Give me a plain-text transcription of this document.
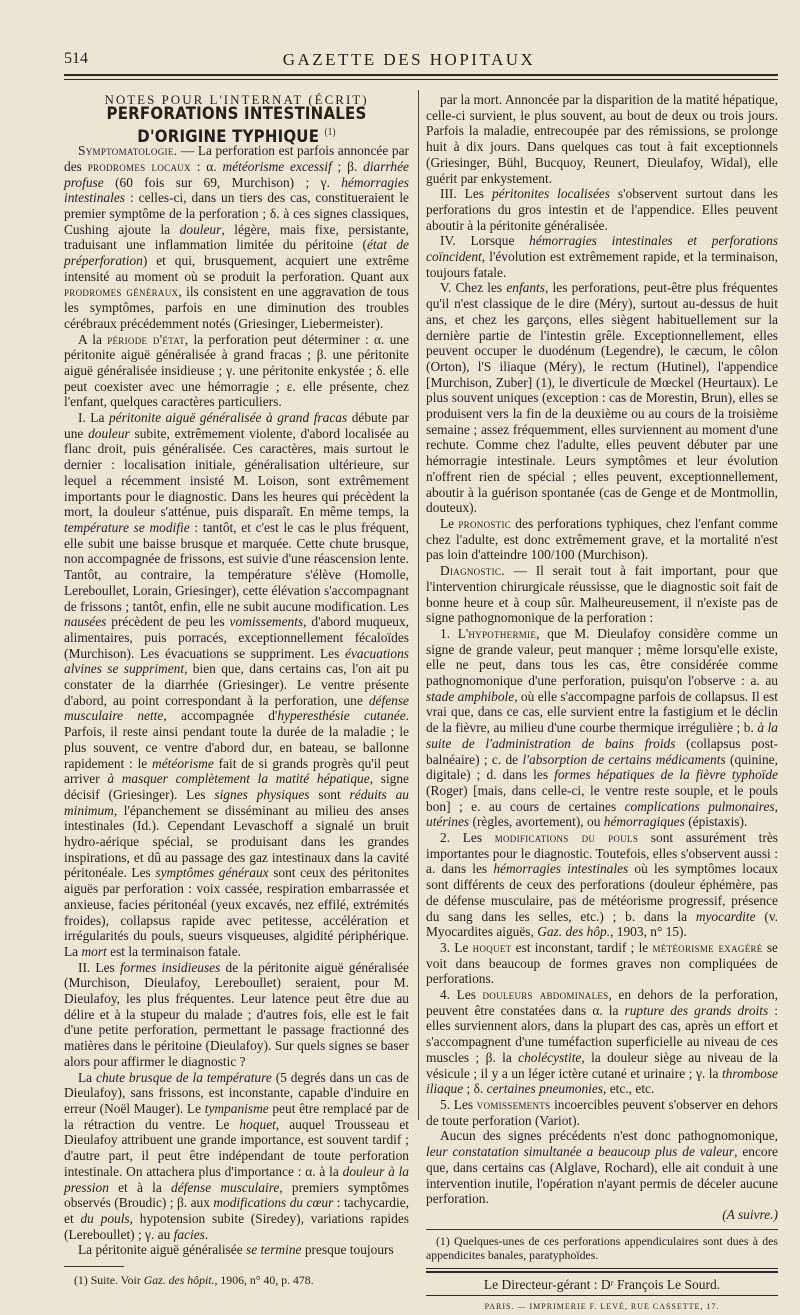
514	GAZETTE DES HOPITAUX

NOTES POUR L'INTERNAT (ÉCRIT)

PERFORATIONS INTESTINALES D'ORIGINE TYPHIQUE $^{(1)}$

Symptomatologie. — La perforation est parfois annoncée par des prodromes locaux : α. météorisme excessif ; β. diarrhée profuse (60 fois sur 69, Murchison) ; γ. hémorragies intestinales : celles-ci, dans un tiers des cas, constitueraient le premier symptôme de la perforation ; δ. à ces signes classiques, Cushing ajoute la douleur, légère, mais fixe, persistante, traduisant une inflammation limitée du péritoine (état de préperforation) et qui, brusquement, acquiert une extrême intensité au moment où se produit la perforation. Quant aux prodromes généraux, ils consistent en une aggravation de tous les symptômes, parfois en une diminution des troubles cérébraux précédemment notés (Griesinger, Liebermeister).

A la période d'état, la perforation peut déterminer : α. une péritonite aiguë généralisée à grand fracas ; β. une péritonite aiguë généralisée insidieuse ; γ. une péritonite enkystée ; δ. elle peut coexister avec une hémorragie ; ε. elle présente, chez l'enfant, quelques caractères particuliers.

I. La péritonite aiguë généralisée à grand fracas débute par une douleur subite, extrêmement violente, d'abord localisée au flanc droit, puis généralisée. Ces caractères, mais surtout le dernier : localisation initiale, généralisation ultérieure, sur lequel a récemment insisté M. Loison, sont extrêmement importants pour le diagnostic. Dans les heures qui précèdent la mort, la douleur s'atténue, puis disparaît. En même temps, la température se modifie : tantôt, et c'est le cas le plus fréquent, elle subit une baisse brusque et marquée. Cette chute brusque, non accompagnée de frissons, est suivie d'une réascension lente. Tantôt, au contraire, la température s'élève (Homolle, Lereboullet, Lorain, Griesinger), cette élévation s'accompagnant de frissons ; tantôt, enfin, elle ne subit aucune modification. Les nausées précèdent de peu les vomissements, d'abord muqueux, alimentaires, puis porracés, exceptionnellement fécaloïdes (Murchison). Les évacuations se suppriment. Les évacuations alvines se suppriment, bien que, dans certains cas, l'on ait pu constater de la diarrhée (Griesinger). Le ventre présente d'abord, au point correspondant à la perforation, une défense musculaire nette, accompagnée d'hyperesthésie cutanée. Parfois, il reste ainsi pendant toute la durée de la maladie ; le plus souvent, ce ventre d'abord dur, en bateau, se ballonne rapidement : le météorisme fait de si grands progrès qu'il peut arriver à masquer complètement la matité hépatique, signe décisif (Griesinger). Les signes physiques sont réduits au minimum, l'épanchement se disséminant au milieu des anses intestinales (Id.). Cependant Levaschoff a signalé un bruit hydro-aérique spécial, se produisant dans les grandes inspirations, et dû au passage des gaz intestinaux dans la cavité péritonéale. Les symptômes généraux sont ceux des péritonites aiguës par perforation : voix cassée, respiration embarrassée et anxieuse, facies péritonéal (yeux excavés, nez effilé, extrémités froides), collapsus rapide avec petitesse, accélération et irrégularités du pouls, sueurs visqueuses, algidité périphérique. La mort est la terminaison fatale.

II. Les formes insidieuses de la péritonite aiguë généralisée (Murchison, Dieulafoy, Lereboullet) seraient, pour M. Dieulafoy, les plus fréquentes. Leur latence peut être due au délire et à la stupeur du malade ; d'autres fois, elle est le fait d'une petite perforation, permettant le passage fractionné des matières dans le péritoine (Dieulafoy). Sur quels signes se baser alors pour affirmer le diagnostic ?

La chute brusque de la température (5 degrés dans un cas de Dieulafoy), sans frissons, est inconstante, capable d'induire en erreur (Noël Mauger). Le tympanisme peut être remplacé par de la rétraction du ventre. Le hoquet, auquel Trousseau et Dieulafoy attribuent une grande importance, est souvent tardif ; d'autre part, il peut être indépendant de toute perforation intestinale. On attachera plus d'importance : α. à la douleur à la pression et à la défense musculaire, premiers symptômes observés (Broudic) ; β. aux modifications du cœur : tachycardie, et du pouls, hypotension subite (Siredey), variations rapides (Lereboullet) ; γ. au facies.

La péritonite aiguë généralisée se termine presque toujours

(1) Suite. Voir Gaz. des hôpit., 1906, n° 40, p. 478.

par la mort. Annoncée par la disparition de la matité hépatique, celle-ci survient, le plus souvent, au bout de deux ou trois jours. Parfois la maladie, entrecoupée par des rémissions, se prolonge huit à dix jours. Dans quelques cas tout à fait exceptionnels (Griesinger, Bühl, Bucquoy, Reunert, Dieulafoy, Widal), elle guérit par enkystement.

III. Les péritonites localisées s'observent surtout dans les perforations du gros intestin et de l'appendice. Elles peuvent aboutir à la péritonite généralisée.

IV. Lorsque hémorragies intestinales et perforations coïncident, l'évolution est extrêmement rapide, et la terminaison, toujours fatale.

V. Chez les enfants, les perforations, peut-être plus fréquentes qu'il n'est classique de le dire (Méry), surtout au-dessus de huit ans, et chez les garçons, elles siègent habituellement sur la dernière partie de l'intestin grêle. Exceptionnellement, elles peuvent occuper le duodénum (Legendre), le cæcum, le côlon (Orton), l'S iliaque (Méry), le rectum (Hutinel), l'appendice [Murchison, Zuber] (1), le diverticule de Mœckel (Heurtaux). Le plus souvent uniques (exception : cas de Morestin, Brun), elles se produisent vers la fin de la deuxième ou au cours de la troisième semaine ; assez fréquemment, elles surviennent au moment d'une rechute. Comme chez l'adulte, elles peuvent débuter par une hémorragie intestinale. Leurs symptômes et leur évolution n'offrent rien de spécial ; elles peuvent, exceptionnellement, aboutir à la guérison spontanée (cas de Genge et de Montmollin, douteux).

Le pronostic des perforations typhiques, chez l'enfant comme chez l'adulte, est donc extrêmement grave, et la mortalité n'est pas loin d'atteindre 100/100 (Murchison).

Diagnostic. — Il serait tout à fait important, pour que l'intervention chirurgicale réussisse, que le diagnostic soit fait de bonne heure et à coup sûr. Malheureusement, il n'existe pas de signe pathognomonique de la perforation :

1. L'hypothermie, que M. Dieulafoy considère comme un signe de grande valeur, peut manquer ; même lorsqu'elle existe, elle ne peut, dans tous les cas, être considérée comme pathognomonique d'une perforation, puisqu'on l'observe : a. au stade amphibole, où elle s'accompagne parfois de collapsus. Il est vrai que, dans ce cas, elle survient entre la fastigium et le déclin de la fièvre, au milieu d'une courbe thermique irrégulière ; b. à la suite de l'administration de bains froids (collapsus post-balnéaire) ; c. de l'absorption de certains médicaments (quinine, digitale) ; d. dans les formes hépatiques de la fièvre typhoïde (Roger) [mais, dans celle-ci, le ventre reste souple, et le pouls bon] ; e. au cours de certaines complications pulmonaires, utérines (règles, avortement), ou hémorragiques (épistaxis).

2. Les modifications du pouls sont assurément très importantes pour le diagnostic. Toutefois, elles s'observent aussi : a. dans les hémorragies intestinales où les symptômes locaux sont différents de ceux des perforations (douleur éphémère, pas de défense musculaire, pas de météorisme progressif, présence du sang dans les selles, etc.) ; b. dans la myocardite (v. Myocardites aiguës, Gaz. des hôp., 1903, n° 15).

3. Le hoquet est inconstant, tardif ; le météorisme exagéré se voit dans beaucoup de formes graves non compliquées de perforations.

4. Les douleurs abdominales, en dehors de la perforation, peuvent être constatées dans α. la rupture des grands droits : elles surviennent alors, dans la plupart des cas, après un effort et s'accompagnent d'une tuméfaction superficielle au niveau de ces muscles ; β. la cholécystite, la douleur siège au niveau de la vésicule ; il y a un léger ictère cutané et urinaire ; γ. la thrombose iliaque ; δ. certaines pneumonies, etc., etc.

5. Les vomissements incoercibles peuvent s'observer en dehors de toute perforation (Variot).

Aucun des signes précédents n'est donc pathognomonique, leur constatation simultanée a beaucoup plus de valeur, encore que, dans certains cas (Alglave, Rochard), elle ait conduit à une intervention inutile, l'opération n'ayant permis de déceler aucune perforation.

(A suivre.)

(1) Quelques-unes de ces perforations appendiculaires sont dues à des appendicites banales, paratyphoïdes.

Le Directeur-gérant : Dʳ François Le Sourd.

PARIS. — IMPRIMERIE F. LEVÉ, RUE CASSETTE, 17.
